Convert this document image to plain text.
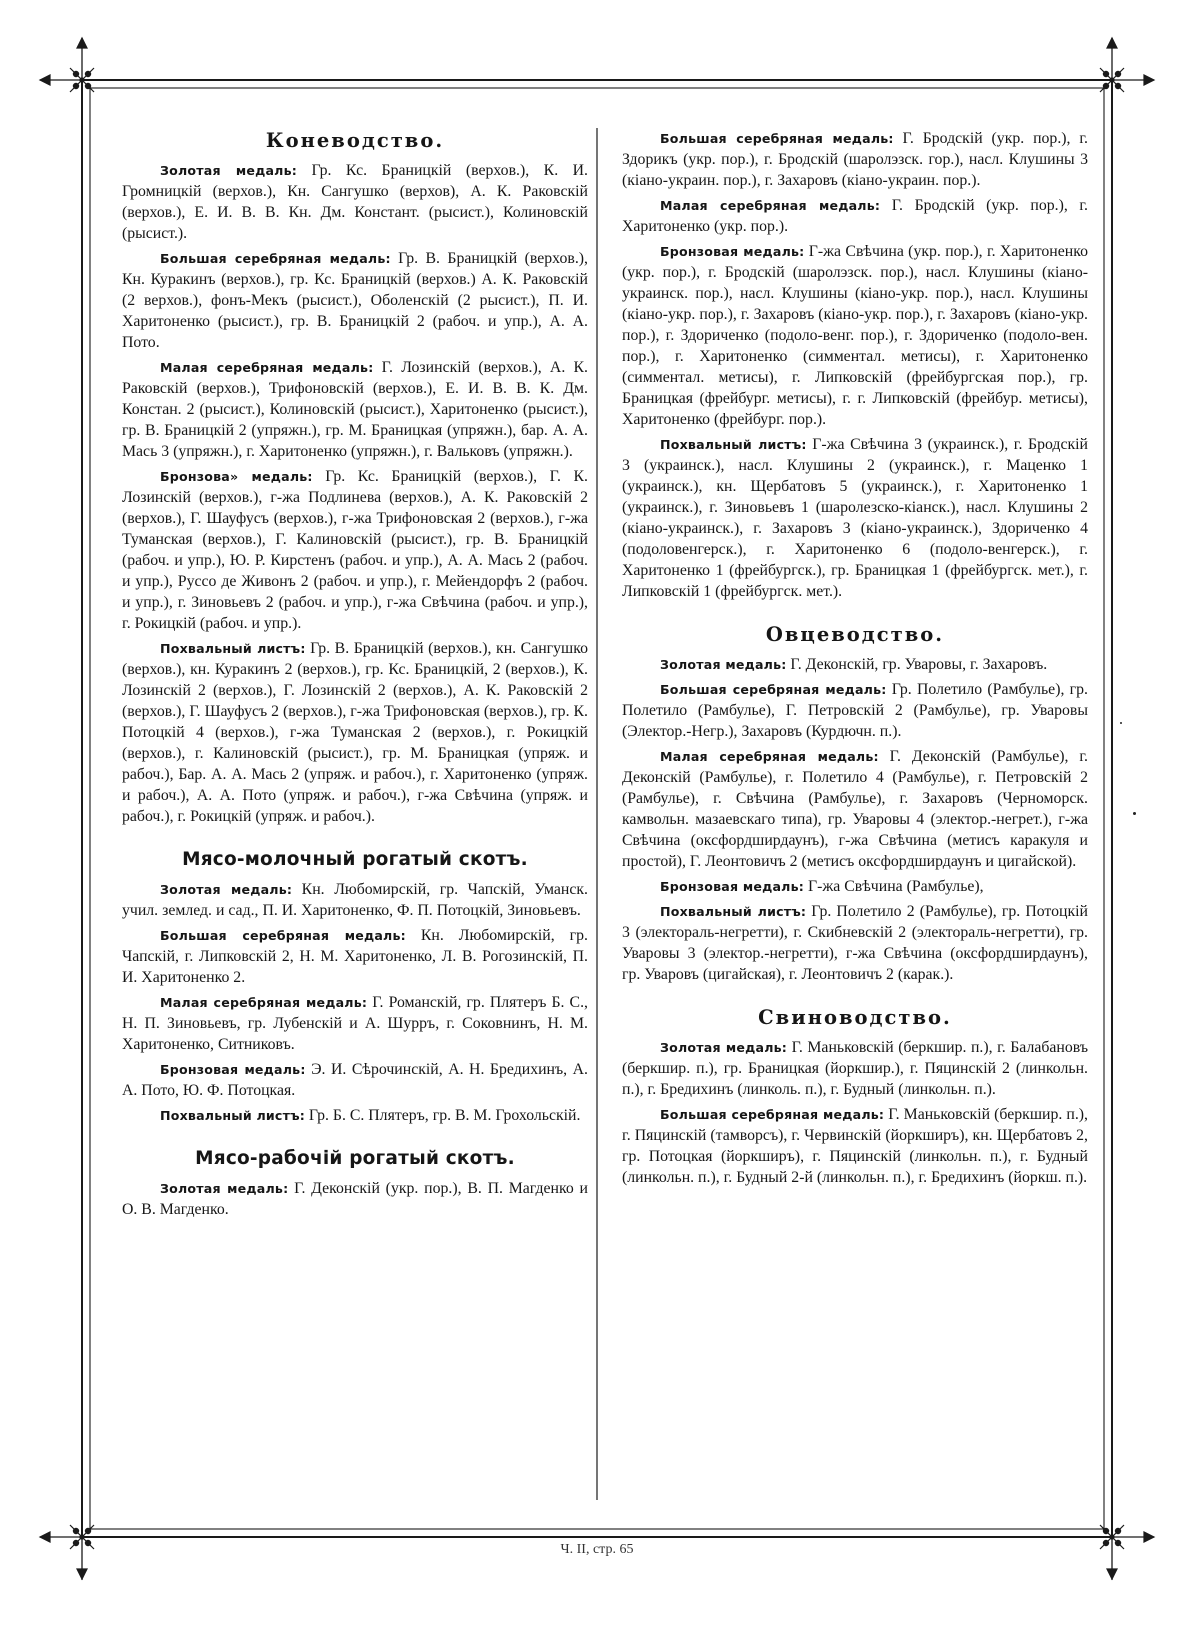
Коневодство.

Золотая медаль: Гр. Кс. Браницкій (верхов.), К. И. Громницкій (верхов.), Кн. Сангушко (верхов), А. К. Раковскій (верхов.), Е. И. В. В. Кн. Дм. Констант. (рысист.), Колиновскій (рысист.).

Большая серебряная медаль: Гр. В. Браницкій (верхов.), Кн. Куракинъ (верхов.), гр. Кс. Браницкій (верхов.) А. К. Раковскій (2 верхов.), фонъ-Мекъ (рысист.), Оболенскій (2 рысист.), П. И. Харитоненко (рысист.), гр. В. Браницкій 2 (рабоч. и упр.), А. А. Пото.

Малая серебряная медаль: Г. Лозинскій (верхов.), А. К. Раковскій (верхов.), Трифоновскій (верхов.), Е. И. В. В. К. Дм. Констан. 2 (рысист.), Колиновскій (рысист.), Харитоненко (рысист.), гр. В. Браницкій 2 (упряжн.), гр. М. Браницкая (упряжн.), бар. А. А. Мась 3 (упряжн.), г. Харитоненко (упряжн.), г. Вальковъ (упряжн.).

Бронзова» медаль: Гр. Кс. Браницкій (верхов.), Г. К. Лозинскій (верхов.), г-жа Подлинева (верхов.), А. К. Раковскій 2 (верхов.), Г. Шауфусъ (верхов.), г-жа Трифоновская 2 (верхов.), г-жа Туманская (верхов.), Г. Калиновскій (рысист.), гр. В. Браницкій (рабоч. и упр.), Ю. Р. Кирстенъ (рабоч. и упр.), А. А. Мась 2 (рабоч. и упр.), Руссо де Живонъ 2 (рабоч. и упр.), г. Мейендорфъ 2 (рабоч. и упр.), г. Зиновьевъ 2 (рабоч. и упр.), г-жа Свѣчина (рабоч. и упр.), г. Рокицкій (рабоч. и упр.).

Похвальный листъ: Гр. В. Браницкій (верхов.), кн. Сангушко (верхов.), кн. Куракинъ 2 (верхов.), гр. Кс. Браницкій, 2 (верхов.), К. Лозинскій 2 (верхов.), Г. Лозинскій 2 (верхов.), А. К. Раковскій 2 (верхов.), Г. Шауфусъ 2 (верхов.), г-жа Трифоновская (верхов.), гр. К. Потоцкій 4 (верхов.), г-жа Туманская 2 (верхов.), г. Рокицкій (верхов.), г. Калиновскій (рысист.), гр. М. Браницкая (упряж. и рабоч.), Бар. А. А. Мась 2 (упряж. и рабоч.), г. Харитоненко (упряж. и рабоч.), А. А. Пото (упряж. и рабоч.), г-жа Свѣчина (упряж. и рабоч.), г. Рокицкій (упряж. и рабоч.).

Мясо-молочный рогатый скотъ.

Золотая медаль: Кн. Любомирскій, гр. Чапскій, Уманск. учил. землед. и сад., П. И. Харитоненко, Ф. П. Потоцкій, Зиновьевъ.

Большая серебряная медаль: Кн. Любомирскій, гр. Чапскій, г. Липковскій 2, Н. М. Харитоненко, Л. В. Рогозинскій, П. И. Харитоненко 2.

Малая серебряная медаль: Г. Романскій, гр. Плятеръ Б. С., Н. П. Зиновьевъ, гр. Лубенскій и А. Шурръ, г. Соковнинъ, Н. М. Харитоненко, Ситниковъ.

Бронзовая медаль: Э. И. Сѣрочинскій, А. Н. Бредихинъ, А. А. Пото, Ю. Ф. Потоцкая.

Похвальный листъ: Гр. Б. С. Плятеръ, гр. В. М. Грохольскій.

Мясо-рабочій рогатый скотъ.

Золотая медаль: Г. Деконскій (укр. пор.), В. П. Магденко и О. В. Магденко.

Большая серебряная медаль: Г. Бродскій (укр. пор.), г. Здорикъ (укр. пор.), г. Бродскій (шаролэзск. гор.), насл. Клушины 3 (кіано-украин. пор.), г. Захаровъ (кіано-украин. пор.).

Малая серебряная медаль: Г. Бродскій (укр. пор.), г. Харитоненко (укр. пор.).

Бронзовая медаль: Г-жа Свѣчина (укр. пор.), г. Харитоненко (укр. пор.), г. Бродскій (шаролэзск. пор.), насл. Клушины (кіано-украинск. пор.), насл. Клушины (кіано-укр. пор.), насл. Клушины (кіано-укр. пор.), г. Захаровъ (кіано-укр. пор.), г. Захаровъ (кіано-укр. пор.), г. Здориченко (подоло-венг. пор.), г. Здориченко (подоло-вен. пор.), г. Харитоненко (симментал. метисы), г. Харитоненко (симментал. метисы), г. Липковскій (фрейбургская пор.), гр. Браницкая (фрейбург. метисы), г. г. Липковскій (фрейбур. метисы), Харитоненко (фрейбург. пор.).

Похвальный листъ: Г-жа Свѣчина 3 (украинск.), г. Бродскій 3 (украинск.), насл. Клушины 2 (украинск.), г. Маценко 1 (украинск.), кн. Щербатовъ 5 (украинск.), г. Харитоненко 1 (украинск.), г. Зиновьевъ 1 (шаролезско-кіанск.), насл. Клушины 2 (кіано-украинск.), г. Захаровъ 3 (кіано-украинск.), Здориченко 4 (подоловенгерск.), г. Харитоненко 6 (подоло-венгерск.), г. Харитоненко 1 (фрейбургск.), гр. Браницкая 1 (фрейбургск. мет.), г. Липковскій 1 (фрейбургск. мет.).

Овцеводство.

Золотая медаль: Г. Деконскій, гр. Уваровы, г. Захаровъ.

Большая серебряная медаль: Гр. Полетило (Рамбулье), гр. Полетило (Рамбулье), Г. Петровскій 2 (Рамбулье), гр. Уваровы (Электор.-Негр.), Захаровъ (Курдючн. п.).

Малая серебряная медаль: Г. Деконскій (Рамбулье), г. Деконскій (Рамбулье), г. Полетило 4 (Рамбулье), г. Петровскій 2 (Рамбулье), г. Свѣчина (Рамбулье), г. Захаровъ (Черноморск. камвольн. мазаевскаго типа), гр. Уваровы 4 (электор.-негрет.), г-жа Свѣчина (оксфордширдаунъ), г-жа Свѣчина (метисъ каракуля и простой), Г. Леонтовичъ 2 (метисъ оксфордширдаунъ и цигайской).

Бронзовая медаль: Г-жа Свѣчина (Рамбулье),

Похвальный листъ: Гр. Полетило 2 (Рамбулье), гр. Потоцкій 3 (электораль-негретти), г. Скибневскій 2 (электораль-негретти), гр. Уваровы 3 (электор.-негретти), г-жа Свѣчина (оксфордширдаунъ), гр. Уваровъ (цигайская), г. Леонтовичъ 2 (карак.).

Свиноводство.

Золотая медаль: Г. Маньковскій (беркшир. п.), г. Балабановъ (беркшир. п.), гр. Браницкая (йоркшир.), г. Пяцинскій 2 (линкольн. п.), г. Бредихинъ (линколь. п.), г. Будный (линкольн. п.).

Большая серебряная медаль: Г. Маньковскій (беркшир. п.), г. Пяцинскій (тамворсъ), г. Червинскій (йоркширъ), кн. Щербатовъ 2, гр. Потоцкая (йоркширъ), г. Пяцинскій (линкольн. п.), г. Будный (линкольн. п.), г. Будный 2-й (линкольн. п.), г. Бредихинъ (йоркш. п.).

Ч. II, стр. 65
